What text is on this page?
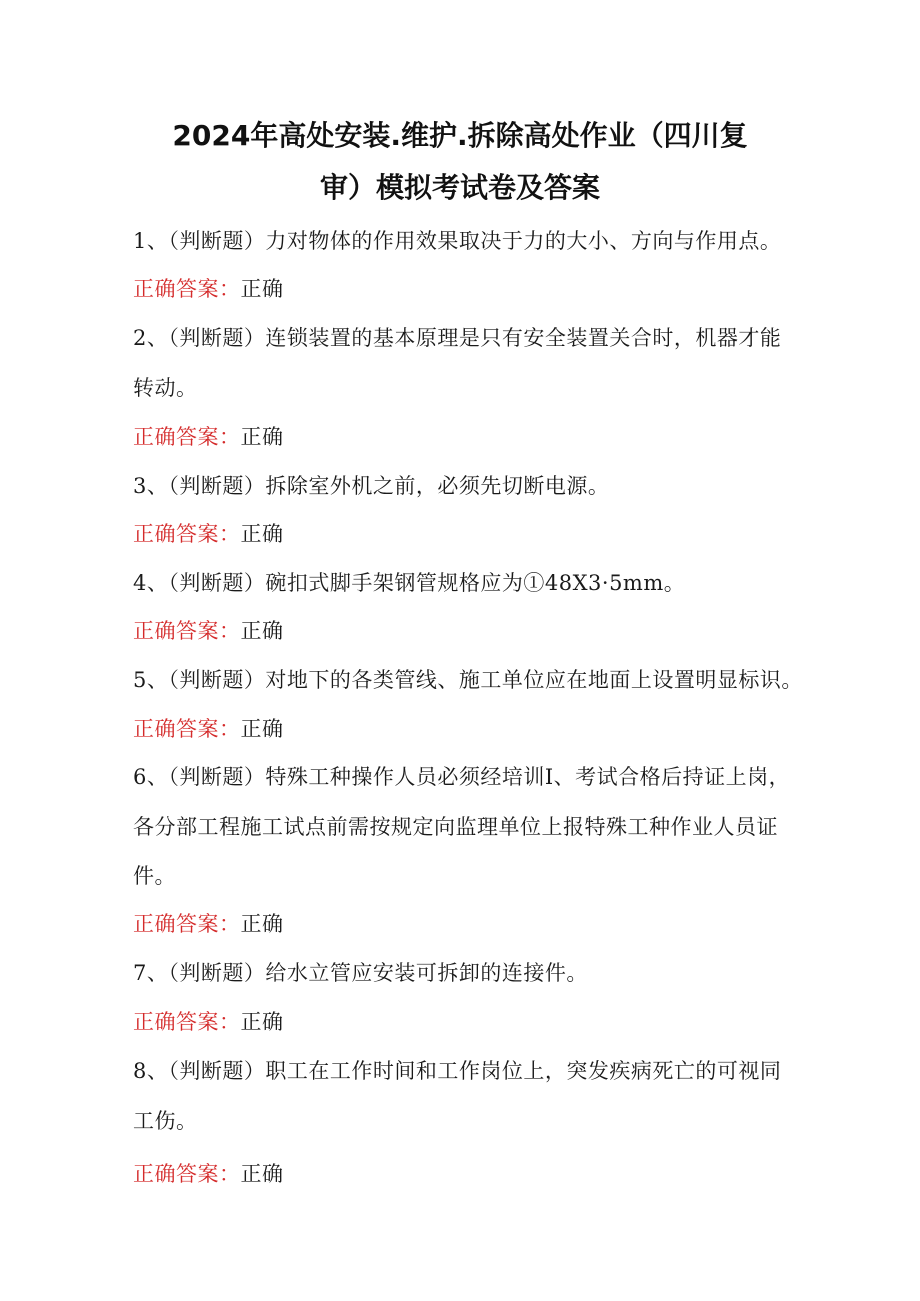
2024年高处安装.维护.拆除高处作业（四川复
审）模拟考试卷及答案
1、（判断题）力对物体的作用效果取决于力的大小、方向与作用点。
正确答案：正确
2、（判断题）连锁装置的基本原理是只有安全装置关合时，机器才能
转动。
正确答案：正确
3、（判断题）拆除室外机之前，必须先切断电源。
正确答案：正确
4、（判断题）碗扣式脚手架钢管规格应为①48X3·5mm。
正确答案：正确
5、（判断题）对地下的各类管线、施工单位应在地面上设置明显标识。
正确答案：正确
6、（判断题）特殊工种操作人员必须经培训I、考试合格后持证上岗，
各分部工程施工试点前需按规定向监理单位上报特殊工种作业人员证
件。
正确答案：正确
7、（判断题）给水立管应安装可拆卸的连接件。
正确答案：正确
8、（判断题）职工在工作时间和工作岗位上，突发疾病死亡的可视同
工伤。
正确答案：正确
